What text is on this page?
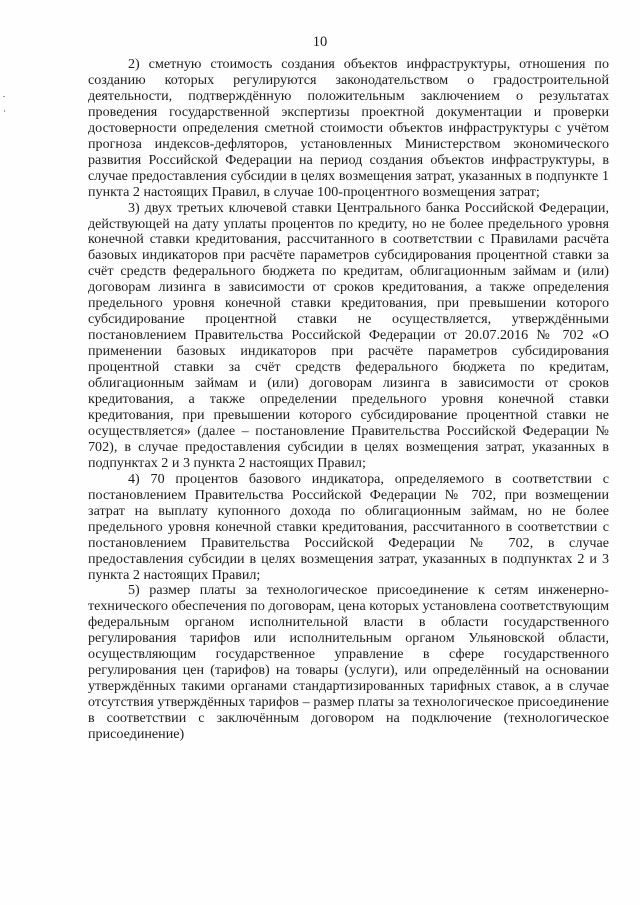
10

2) сметную стоимость создания объектов инфраструктуры, отношения по созданию которых регулируются законодательством о градостроительной деятельности, подтверждённую положительным заключением о результатах проведения государственной экспертизы проектной документации и проверки достоверности определения сметной стоимости объектов инфраструктуры с учётом прогноза индексов-дефляторов, установленных Министерством экономического развития Российской Федерации на период создания объектов инфраструктуры, в случае предоставления субсидии в целях возмещения затрат, указанных в подпункте 1 пункта 2 настоящих Правил, в случае 100-процентного возмещения затрат;

3) двух третьих ключевой ставки Центрального банка Российской Федерации, действующей на дату уплаты процентов по кредиту, но не более предельного уровня конечной ставки кредитования, рассчитанного в соответствии с Правилами расчёта базовых индикаторов при расчёте параметров субсидирования процентной ставки за счёт средств федерального бюджета по кредитам, облигационным займам и (или) договорам лизинга в зависимости от сроков кредитования, а также определения предельного уровня конечной ставки кредитования, при превышении которого субсидирование процентной ставки не осуществляется, утверждёнными постановлением Правительства Российской Федерации от 20.07.2016 № 702 «О применении базовых индикаторов при расчёте параметров субсидирования процентной ставки за счёт средств федерального бюджета по кредитам, облигационным займам и (или) договорам лизинга в зависимости от сроков кредитования, а также определении предельного уровня конечной ставки кредитования, при превышении которого субсидирование процентной ставки не осуществляется» (далее – постановление Правительства Российской Федерации № 702), в случае предоставления субсидии в целях возмещения затрат, указанных в подпунктах 2 и 3 пункта 2 настоящих Правил;

4) 70 процентов базового индикатора, определяемого в соответствии с постановлением Правительства Российской Федерации № 702, при возмещении затрат на выплату купонного дохода по облигационным займам, но не более предельного уровня конечной ставки кредитования, рассчитанного в соответствии с постановлением Правительства Российской Федерации № 702, в случае предоставления субсидии в целях возмещения затрат, указанных в подпунктах 2 и 3 пункта 2 настоящих Правил;

5) размер платы за технологическое присоединение к сетям инженерно-технического обеспечения по договорам, цена которых установлена соответствующим федеральным органом исполнительной власти в области государственного регулирования тарифов или исполнительным органом Ульяновской области, осуществляющим государственное управление в сфере государственного регулирования цен (тарифов) на товары (услуги), или определённый на основании утверждённых такими органами стандартизированных тарифных ставок, а в случае отсутствия утверждённых тарифов – размер платы за технологическое присоединение в соответствии с заключённым договором на подключение (технологическое присоединение)
